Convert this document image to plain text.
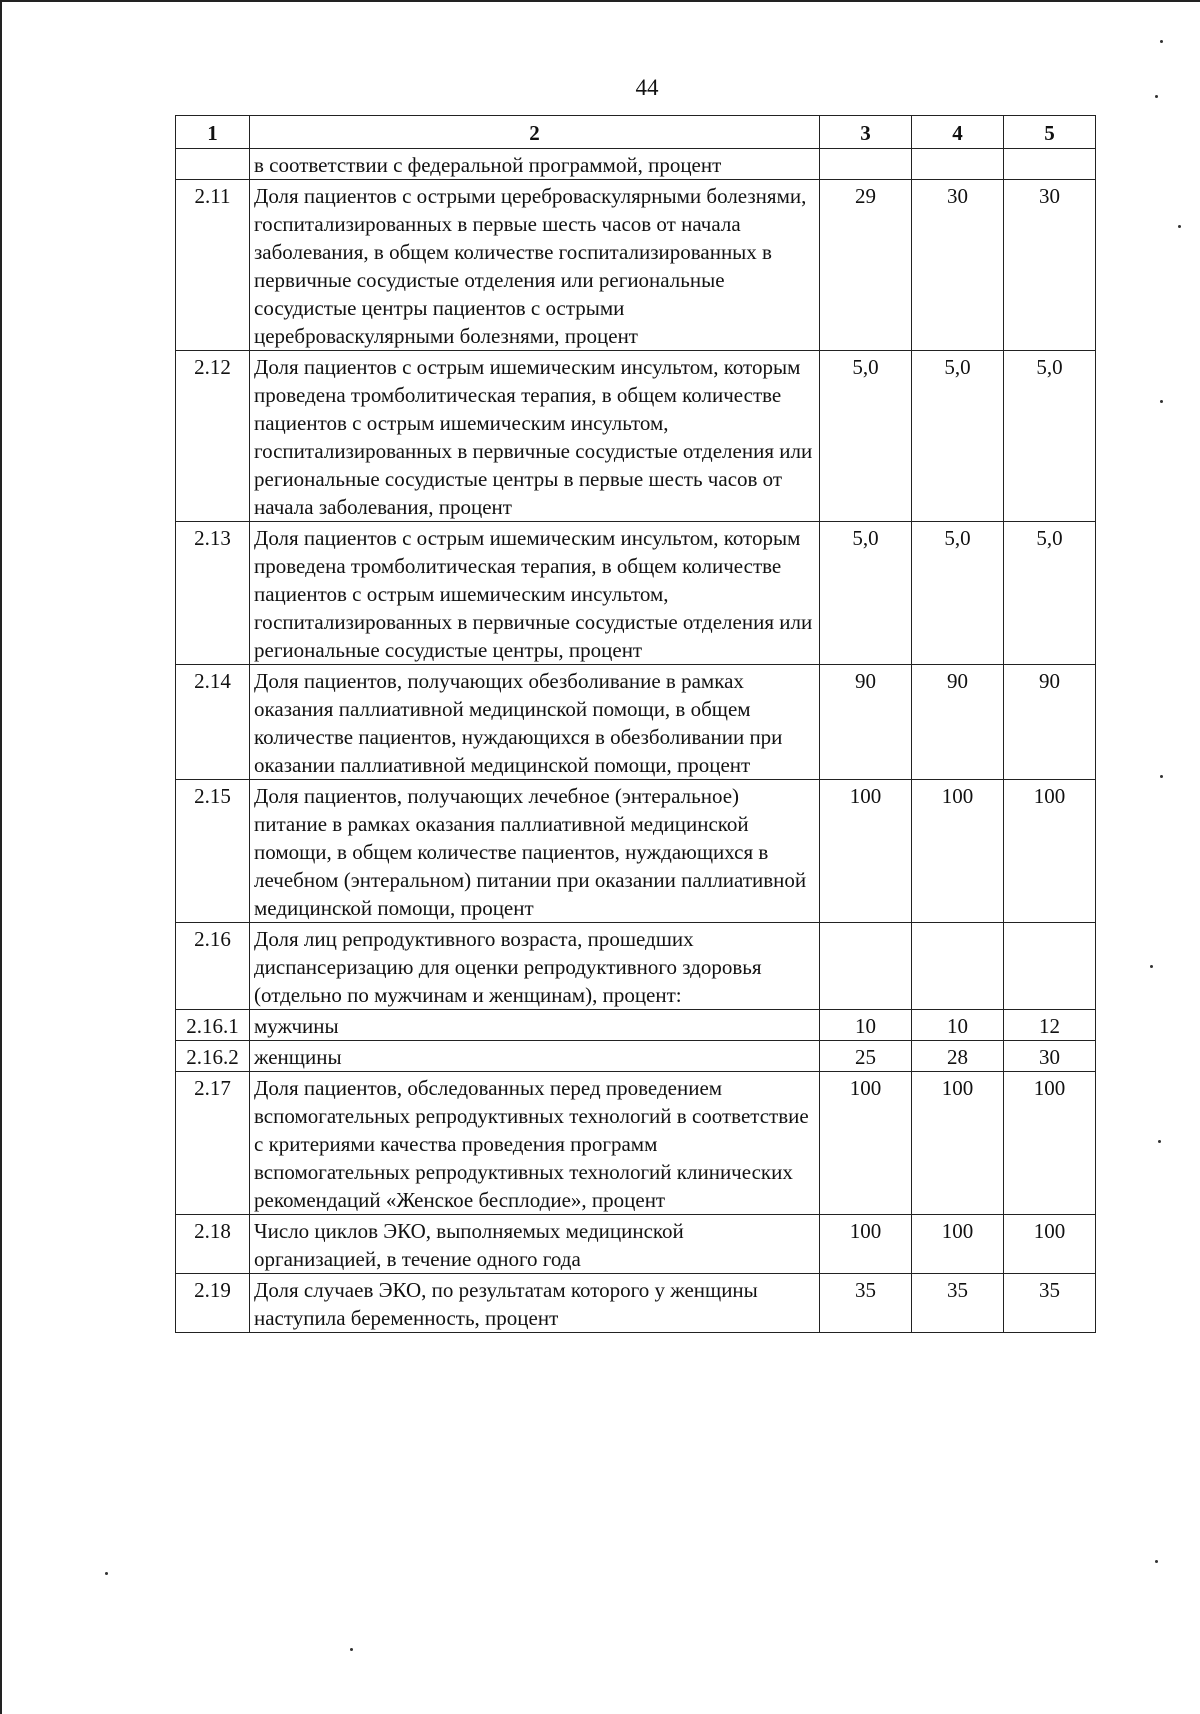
44
1	2	3	4	5
	в соответствии с федеральной программой, процент			
2.11	Доля пациентов с острыми цереброваскулярными болезнями, госпитализированных в первые шесть часов от начала заболевания, в общем количестве госпитализированных в первичные сосудистые отделения или региональные сосудистые центры пациентов с острыми цереброваскулярными болезнями, процент	29	30	30
2.12	Доля пациентов с острым ишемическим инсультом, которым проведена тромболитическая терапия, в общем количестве пациентов с острым ишемическим инсультом, госпитализированных в первичные сосудистые отделения или региональные сосудистые центры в первые шесть часов от начала заболевания, процент	5,0	5,0	5,0
2.13	Доля пациентов с острым ишемическим инсультом, которым проведена тромболитическая терапия, в общем количестве пациентов с острым ишемическим инсультом, госпитализированных в первичные сосудистые отделения или региональные сосудистые центры, процент	5,0	5,0	5,0
2.14	Доля пациентов, получающих обезболивание в рамках оказания паллиативной медицинской помощи, в общем количестве пациентов, нуждающихся в обезболивании при оказании паллиативной медицинской помощи, процент	90	90	90
2.15	Доля пациентов, получающих лечебное (энтеральное) питание в рамках оказания паллиативной медицинской помощи, в общем количестве пациентов, нуждающихся в лечебном (энтеральном) питании при оказании паллиативной медицинской помощи, процент	100	100	100
2.16	Доля лиц репродуктивного возраста, прошедших диспансеризацию для оценки репродуктивного здоровья (отдельно по мужчинам и женщинам), процент:			
2.16.1	мужчины	10	10	12
2.16.2	женщины	25	28	30
2.17	Доля пациентов, обследованных перед проведением вспомогательных репродуктивных технологий в соответствие с критериями качества проведения программ вспомогательных репродуктивных технологий клинических рекомендаций «Женское бесплодие», процент	100	100	100
2.18	Число циклов ЭКО, выполняемых медицинской организацией, в течение одного года	100	100	100
2.19	Доля случаев ЭКО, по результатам которого у женщины наступила беременность, процент	35	35	35
